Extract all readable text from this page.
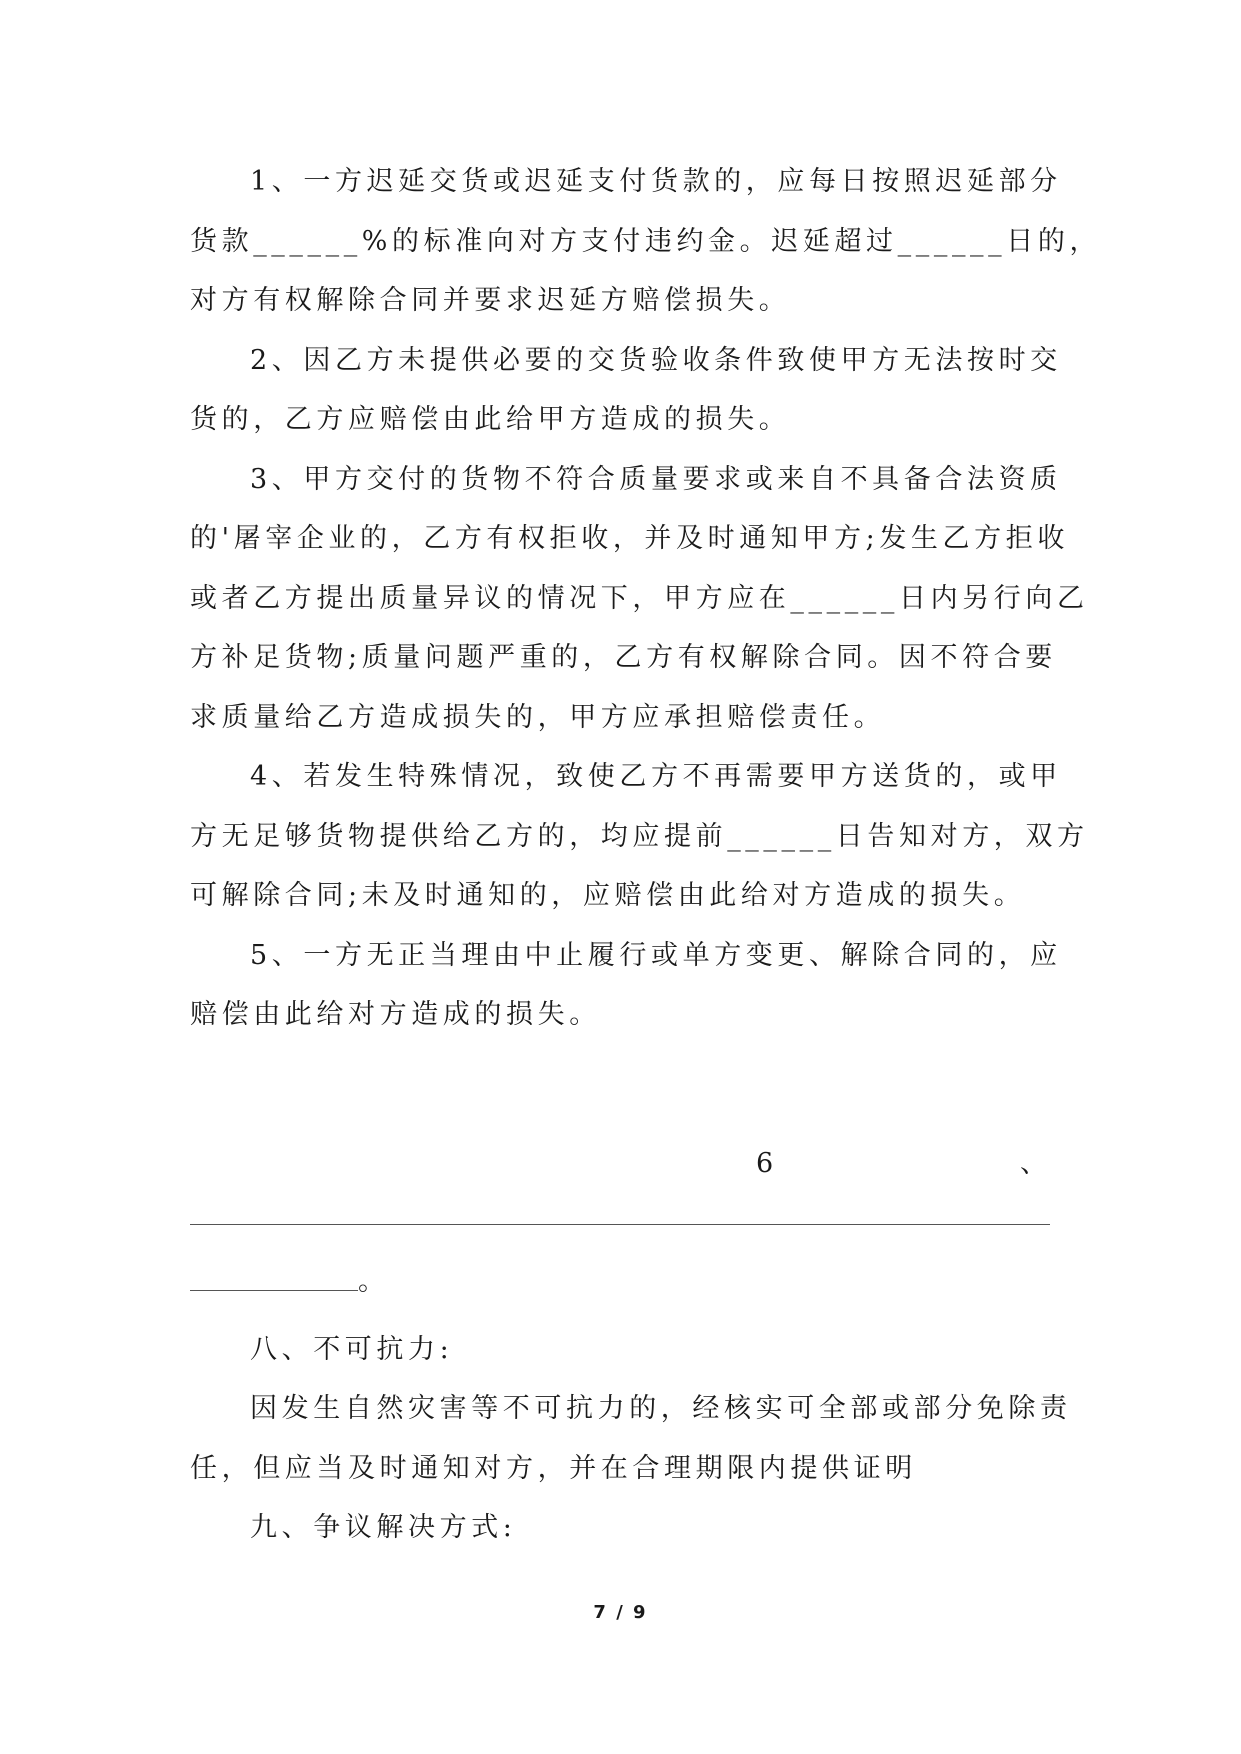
1、一方迟延交货或迟延支付货款的，应每日按照迟延部分
货款______%的标准向对方支付违约金。迟延超过______日的，
对方有权解除合同并要求迟延方赔偿损失。
2、因乙方未提供必要的交货验收条件致使甲方无法按时交
货的，乙方应赔偿由此给甲方造成的损失。
3、甲方交付的货物不符合质量要求或来自不具备合法资质
的'屠宰企业的，乙方有权拒收，并及时通知甲方;发生乙方拒收
或者乙方提出质量异议的情况下，甲方应在______日内另行向乙
方补足货物;质量问题严重的，乙方有权解除合同。因不符合要
求质量给乙方造成损失的，甲方应承担赔偿责任。
4、若发生特殊情况，致使乙方不再需要甲方送货的，或甲
方无足够货物提供给乙方的，均应提前______日告知对方，双方
可解除合同;未及时通知的，应赔偿由此给对方造成的损失。
5、一方无正当理由中止履行或单方变更、解除合同的，应
赔偿由此给对方造成的损失。
6	、
。
八、不可抗力:
因发生自然灾害等不可抗力的，经核实可全部或部分免除责
任，但应当及时通知对方，并在合理期限内提供证明
九、争议解决方式:
7 / 9
